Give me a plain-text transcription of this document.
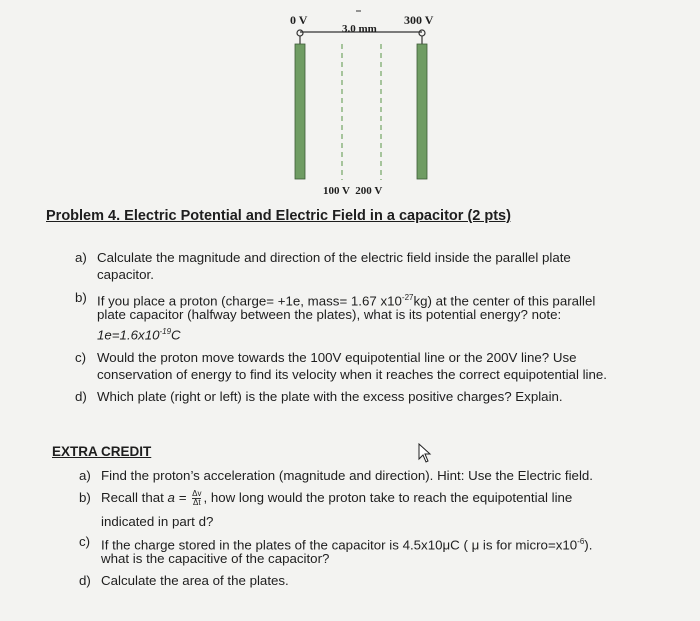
0 V	300 V
3.0 mm
100 V  200 V
Problem 4. Electric Potential and Electric Field in a capacitor (2 pts)
a) Calculate the magnitude and direction of the electric field inside the parallel plate
capacitor.
b) If you place a proton (charge= +1e, mass= 1.67 $x10^{-27}kg$) at the center of this parallel
plate capacitor (halfway between the plates), what is its potential energy? note:
$1e=1.6x10^{-19}C$
c) Would the proton move towards the 100V equipotential line or the 200V line? Use
conservation of energy to find its velocity when it reaches the correct equipotential line.
d) Which plate (right or left) is the plate with the excess positive charges? Explain.
EXTRA CREDIT
a) Find the proton’s acceleration (magnitude and direction). Hint: Use the Electric field.
b) Recall that $a = \frac{\Delta v}{\Delta t}$ , how long would the proton take to reach the equipotential line
indicated in part d?
c) If the charge stored in the plates of the capacitor is 4.5x10μC ( μ is for $micro=x10^{-6}$).
what is the capacitive of the capacitor?
d) Calculate the area of the plates.
